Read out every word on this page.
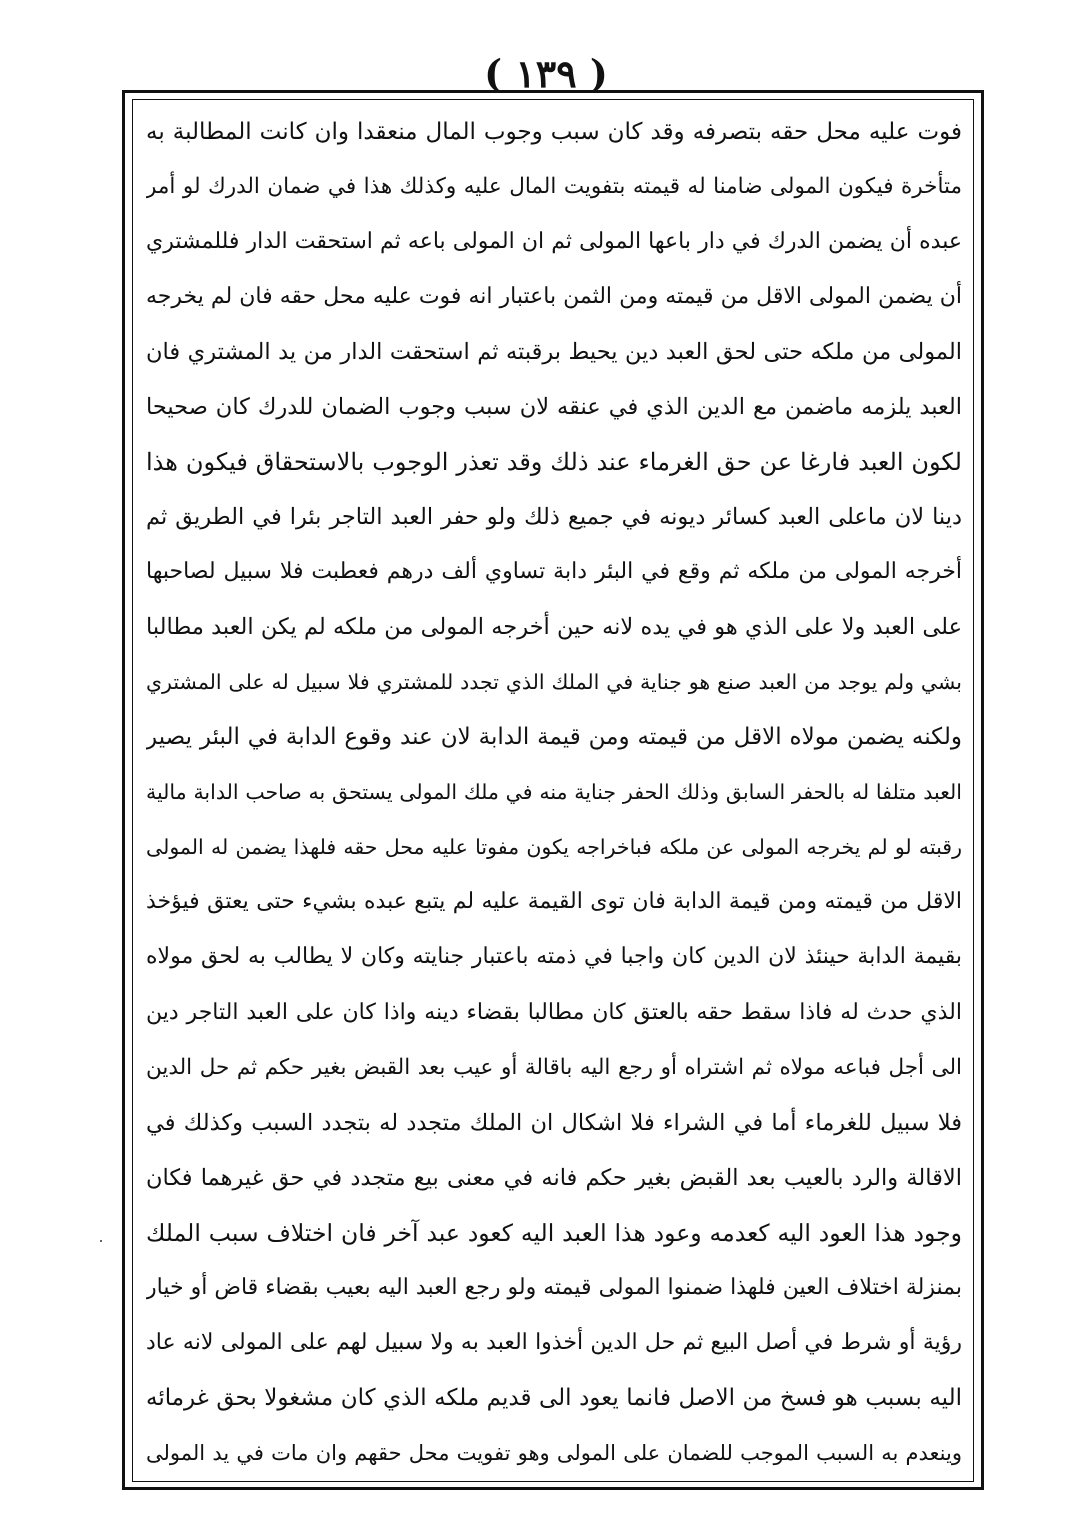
( ١٣٩ )
فوت عليه محل حقه بتصرفه وقد كان سبب وجوب المال منعقدا وان كانت المطالبة به
متأخرة فيكون المولى ضامنا له قيمته بتفويت المال عليه وكذلك هذا في ضمان الدرك لو أمر
عبده أن يضمن الدرك في دار باعها المولى ثم ان المولى باعه ثم استحقت الدار فللمشتري
أن يضمن المولى الاقل من قيمته ومن الثمن باعتبار انه فوت عليه محل حقه فان لم يخرجه
المولى من ملكه حتى لحق العبد دين يحيط برقبته ثم استحقت الدار من يد المشتري فان
العبد يلزمه ماضمن مع الدين الذي في عنقه لان سبب وجوب الضمان للدرك كان صحيحا
لكون العبد فارغا عن حق الغرماء عند ذلك وقد تعذر الوجوب بالاستحقاق فيكون هذا
دينا لان ماعلى العبد كسائر ديونه في جميع ذلك ولو حفر العبد التاجر بئرا في الطريق ثم
أخرجه المولى من ملكه ثم وقع في البئر دابة تساوي ألف درهم فعطبت فلا سبيل لصاحبها
على العبد ولا على الذي هو في يده لانه حين أخرجه المولى من ملكه لم يكن العبد مطالبا
بشي ولم يوجد من العبد صنع هو جناية في الملك الذي تجدد للمشتري فلا سبيل له على المشتري
ولكنه يضمن مولاه الاقل من قيمته ومن قيمة الدابة لان عند وقوع الدابة في البئر يصير
العبد متلفا له بالحفر السابق وذلك الحفر جناية منه في ملك المولى يستحق به صاحب الدابة مالية
رقبته لو لم يخرجه المولى عن ملكه فباخراجه يكون مفوتا عليه محل حقه فلهذا يضمن له المولى
الاقل من قيمته ومن قيمة الدابة فان توى القيمة عليه لم يتبع عبده بشيء حتى يعتق فيؤخذ
بقيمة الدابة حينئذ لان الدين كان واجبا في ذمته باعتبار جنايته وكان لا يطالب به لحق مولاه
الذي حدث له فاذا سقط حقه بالعتق كان مطالبا بقضاء دينه واذا كان على العبد التاجر دين
الى أجل فباعه مولاه ثم اشتراه أو رجع اليه باقالة أو عيب بعد القبض بغير حكم ثم حل الدين
فلا سبيل للغرماء أما في الشراء فلا اشكال ان الملك متجدد له بتجدد السبب وكذلك في
الاقالة والرد بالعيب بعد القبض بغير حكم فانه في معنى بيع متجدد في حق غيرهما فكان
وجود هذا العود اليه كعدمه وعود هذا العبد اليه كعود عبد آخر فان اختلاف سبب الملك
بمنزلة اختلاف العين فلهذا ضمنوا المولى قيمته ولو رجع العبد اليه بعيب بقضاء قاض أو خيار
رؤية أو شرط في أصل البيع ثم حل الدين أخذوا العبد به ولا سبيل لهم على المولى لانه عاد
اليه بسبب هو فسخ من الاصل فانما يعود الى قديم ملكه الذي كان مشغولا بحق غرمائه
وينعدم به السبب الموجب للضمان على المولى وهو تفويت محل حقهم وان مات في يد المولى
